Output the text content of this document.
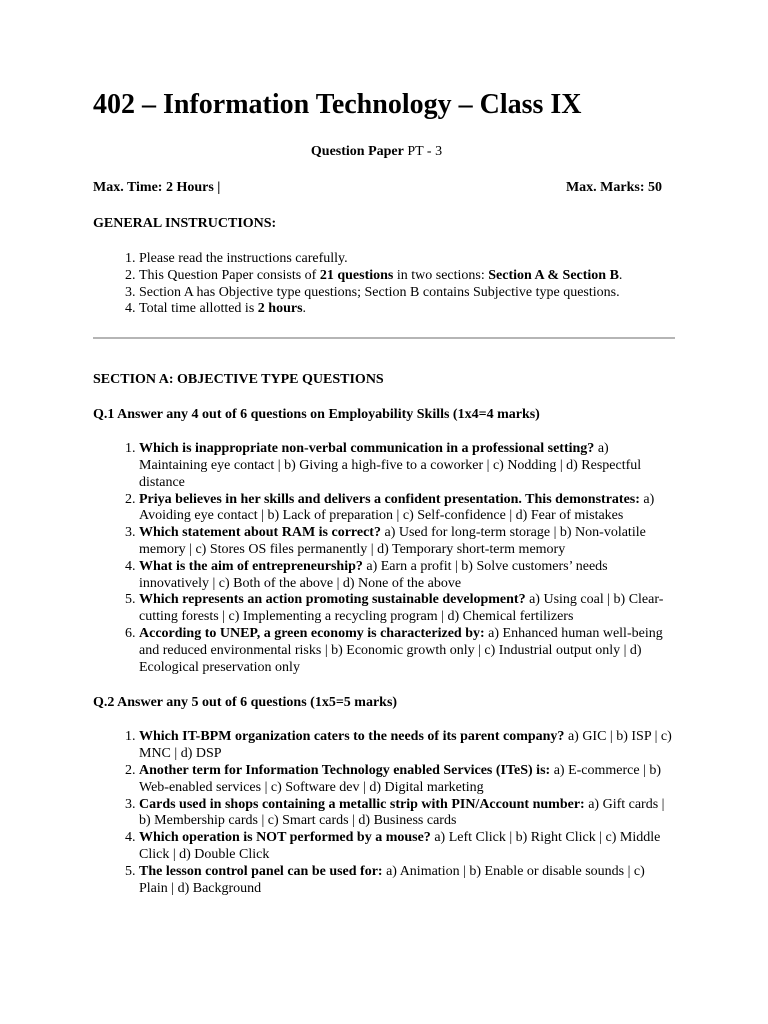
402 – Information Technology – Class IX
Question Paper PT - 3
Max. Time: 2 Hours |	Max. Marks: 50
GENERAL INSTRUCTIONS:
1. Please read the instructions carefully.
2. This Question Paper consists of 21 questions in two sections: Section A & Section B.
3. Section A has Objective type questions; Section B contains Subjective type questions.
4. Total time allotted is 2 hours.
SECTION A: OBJECTIVE TYPE QUESTIONS
Q.1 Answer any 4 out of 6 questions on Employability Skills (1x4=4 marks)
1. Which is inappropriate non-verbal communication in a professional setting? a) Maintaining eye contact | b) Giving a high-five to a coworker | c) Nodding | d) Respectful distance
2. Priya believes in her skills and delivers a confident presentation. This demonstrates: a) Avoiding eye contact | b) Lack of preparation | c) Self-confidence | d) Fear of mistakes
3. Which statement about RAM is correct? a) Used for long-term storage | b) Non-volatile memory | c) Stores OS files permanently | d) Temporary short-term memory
4. What is the aim of entrepreneurship? a) Earn a profit | b) Solve customers’ needs innovatively | c) Both of the above | d) None of the above
5. Which represents an action promoting sustainable development? a) Using coal | b) Clear-cutting forests | c) Implementing a recycling program | d) Chemical fertilizers
6. According to UNEP, a green economy is characterized by: a) Enhanced human well-being and reduced environmental risks | b) Economic growth only | c) Industrial output only | d) Ecological preservation only
Q.2 Answer any 5 out of 6 questions (1x5=5 marks)
1. Which IT-BPM organization caters to the needs of its parent company? a) GIC | b) ISP | c) MNC | d) DSP
2. Another term for Information Technology enabled Services (ITeS) is: a) E-commerce | b) Web-enabled services | c) Software dev | d) Digital marketing
3. Cards used in shops containing a metallic strip with PIN/Account number: a) Gift cards | b) Membership cards | c) Smart cards | d) Business cards
4. Which operation is NOT performed by a mouse? a) Left Click | b) Right Click | c) Middle Click | d) Double Click
5. The lesson control panel can be used for: a) Animation | b) Enable or disable sounds | c) Plain | d) Background
